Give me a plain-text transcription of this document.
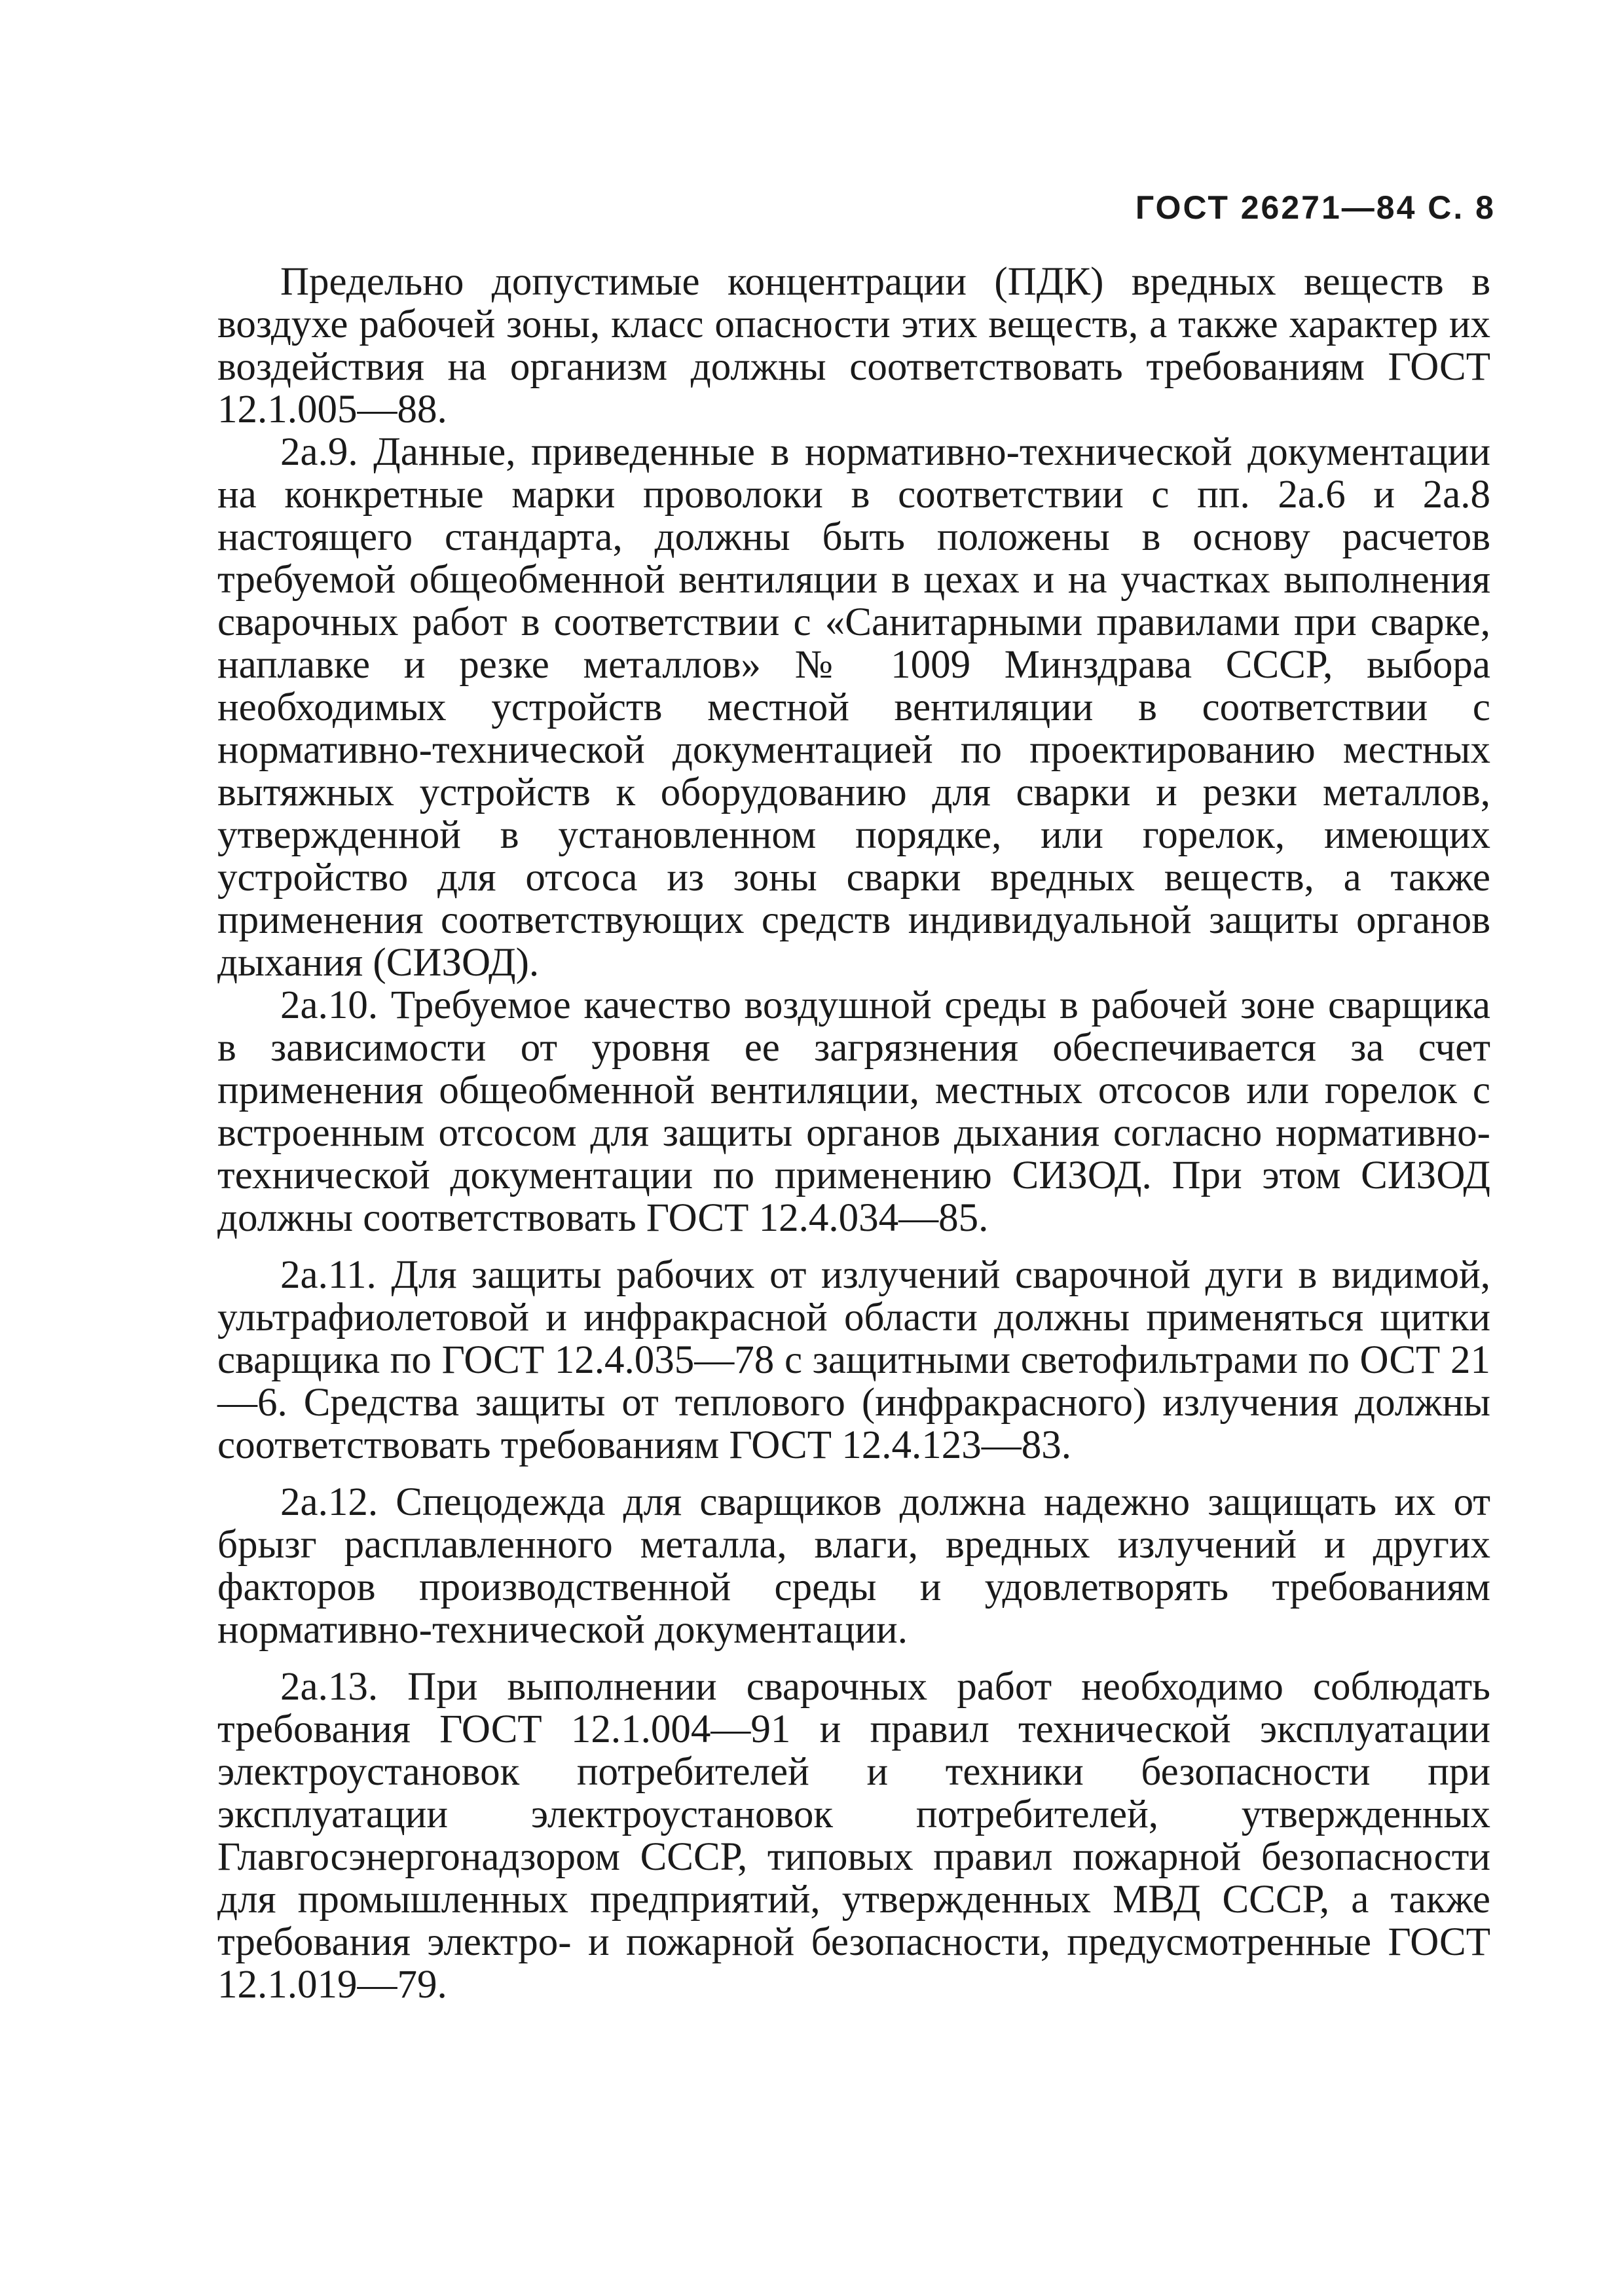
ГОСТ 26271—84 С. 8

Предельно допустимые концентрации (ПДК) вредных веществ в воздухе рабочей зоны, класс опасности этих веществ, а также характер их воздействия на организм должны соответствовать требованиям ГОСТ 12.1.005—88.

2а.9. Данные, приведенные в нормативно-технической документации на конкретные марки проволоки в соответствии с пп. 2а.6 и 2а.8 настоящего стандарта, должны быть положены в основу расчетов требуемой общеобменной вентиляции в цехах и на участках выполнения сварочных работ в соответствии с «Санитарными правилами при сварке, наплавке и резке металлов» № 1009 Минздрава СССР, выбора необходимых устройств местной вентиляции в соответствии с нормативно-технической документацией по проектированию местных вытяжных устройств к оборудованию для сварки и резки металлов, утвержденной в установленном порядке, или горелок, имеющих устройство для отсоса из зоны сварки вредных веществ, а также применения соответствующих средств индивидуальной защиты органов дыхания (СИЗОД).

2а.10. Требуемое качество воздушной среды в рабочей зоне сварщика в зависимости от уровня ее загрязнения обеспечивается за счет применения общеобменной вентиляции, местных отсосов или горелок с встроенным отсосом для защиты органов дыхания согласно нормативно-технической документации по применению СИЗОД. При этом СИЗОД должны соответствовать ГОСТ 12.4.034—85.

2а.11. Для защиты рабочих от излучений сварочной дуги в видимой, ультрафиолетовой и инфракрасной области должны применяться щитки сварщика по ГОСТ 12.4.035—78 с защитными светофильтрами по ОСТ 21—6. Средства защиты от теплового (инфракрасного) излучения должны соответствовать требованиям ГОСТ 12.4.123—83.

2а.12. Спецодежда для сварщиков должна надежно защищать их от брызг расплавленного металла, влаги, вредных излучений и других факторов производственной среды и удовлетворять требованиям нормативно-технической документации.

2а.13. При выполнении сварочных работ необходимо соблюдать требования ГОСТ 12.1.004—91 и правил технической эксплуатации электроустановок потребителей и техники безопасности при эксплуатации электроустановок потребителей, утвержденных Главгосэнергонадзором СССР, типовых правил пожарной безопасности для промышленных предприятий, утвержденных МВД СССР, а также требования электро- и пожарной безопасности, предусмотренные ГОСТ 12.1.019—79.
